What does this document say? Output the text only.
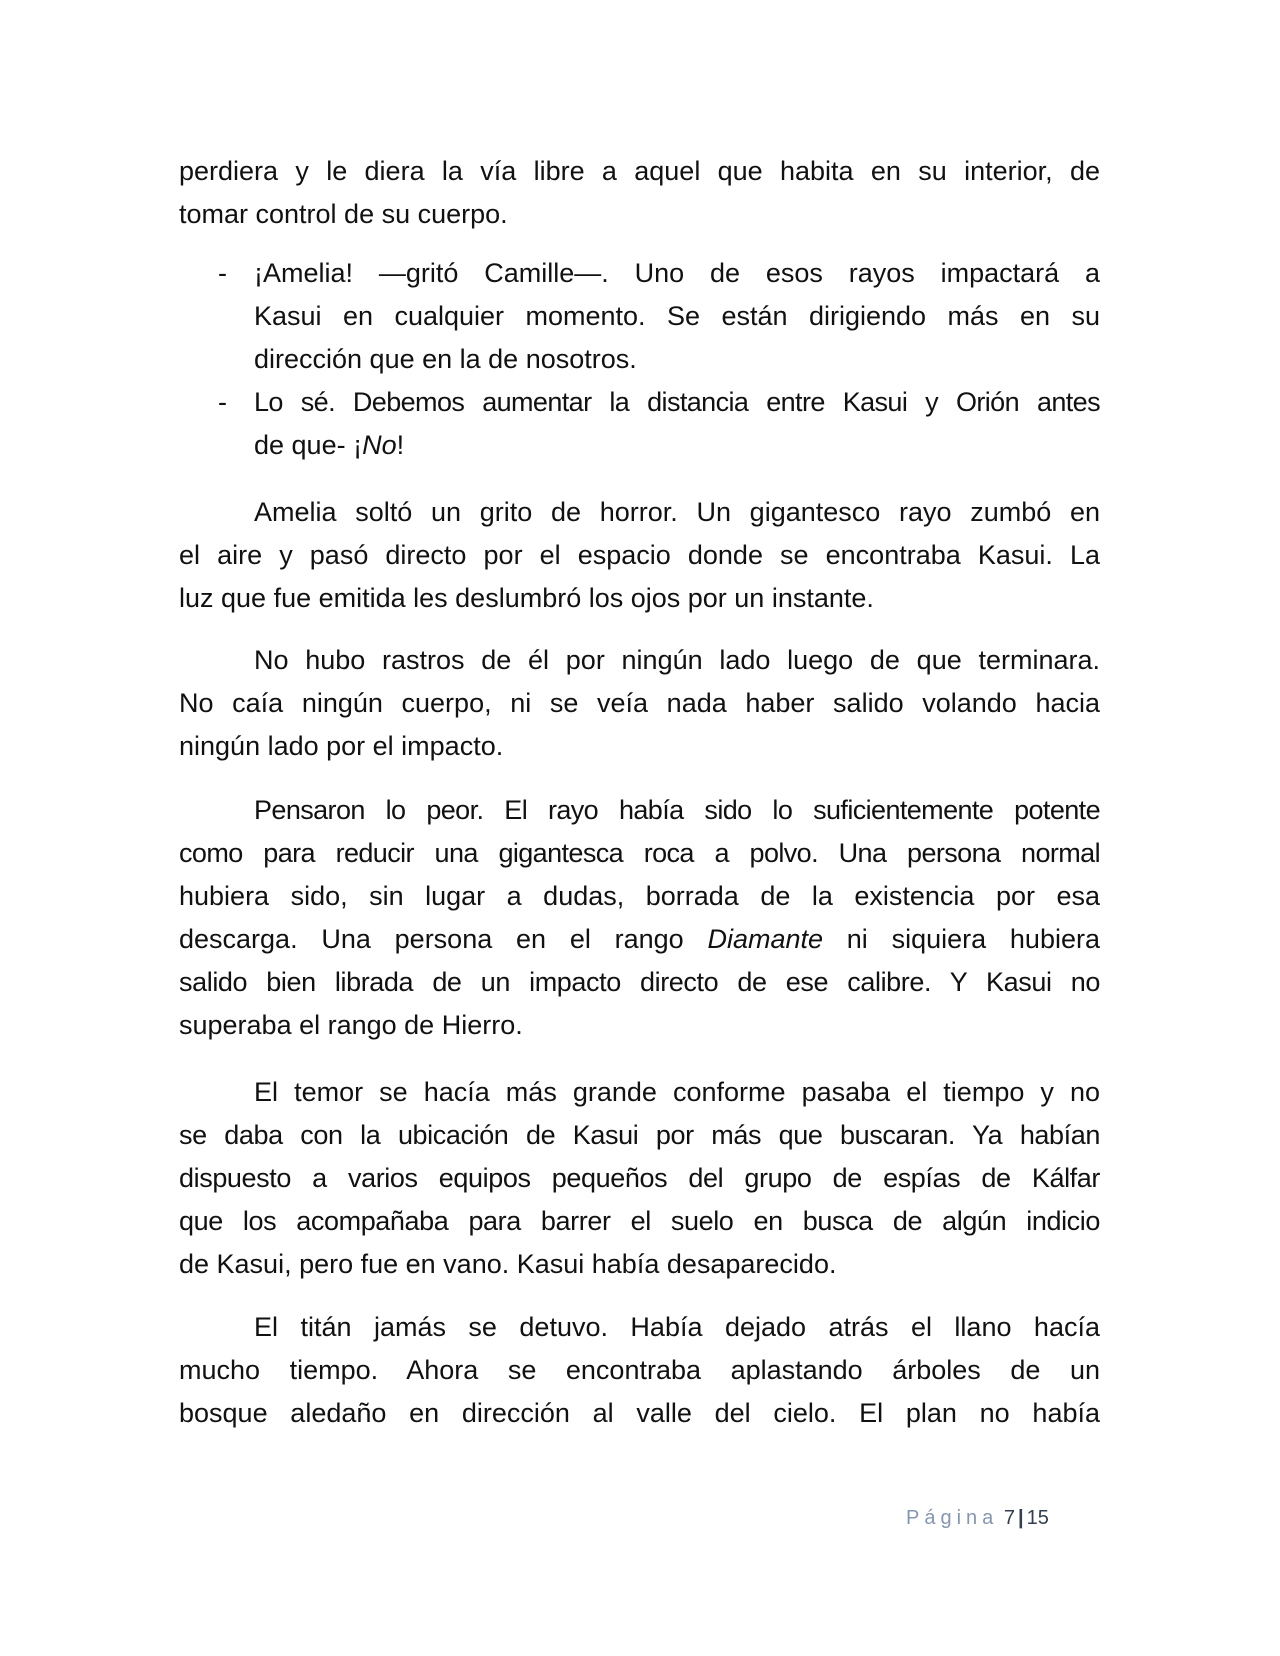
perdiera y le diera la vía libre a aquel que habita en su interior, de
tomar control de su cuerpo.
- ¡Amelia! —gritó Camille—. Uno de esos rayos impactará a
Kasui en cualquier momento. Se están dirigiendo más en su
dirección que en la de nosotros.
- Lo sé. Debemos aumentar la distancia entre Kasui y Orión antes
de que- ¡No!
Amelia soltó un grito de horror. Un gigantesco rayo zumbó en
el aire y pasó directo por el espacio donde se encontraba Kasui. La
luz que fue emitida les deslumbró los ojos por un instante.
No hubo rastros de él por ningún lado luego de que terminara.
No caía ningún cuerpo, ni se veía nada haber salido volando hacia
ningún lado por el impacto.
Pensaron lo peor. El rayo había sido lo suficientemente potente
como para reducir una gigantesca roca a polvo. Una persona normal
hubiera sido, sin lugar a dudas, borrada de la existencia por esa
descarga. Una persona en el rango Diamante ni siquiera hubiera
salido bien librada de un impacto directo de ese calibre. Y Kasui no
superaba el rango de Hierro.
El temor se hacía más grande conforme pasaba el tiempo y no
se daba con la ubicación de Kasui por más que buscaran. Ya habían
dispuesto a varios equipos pequeños del grupo de espías de Kálfar
que los acompañaba para barrer el suelo en busca de algún indicio
de Kasui, pero fue en vano. Kasui había desaparecido.
El titán jamás se detuvo. Había dejado atrás el llano hacía
mucho tiempo. Ahora se encontraba aplastando árboles de un
bosque aledaño en dirección al valle del cielo. El plan no había
Página 7 | 15
